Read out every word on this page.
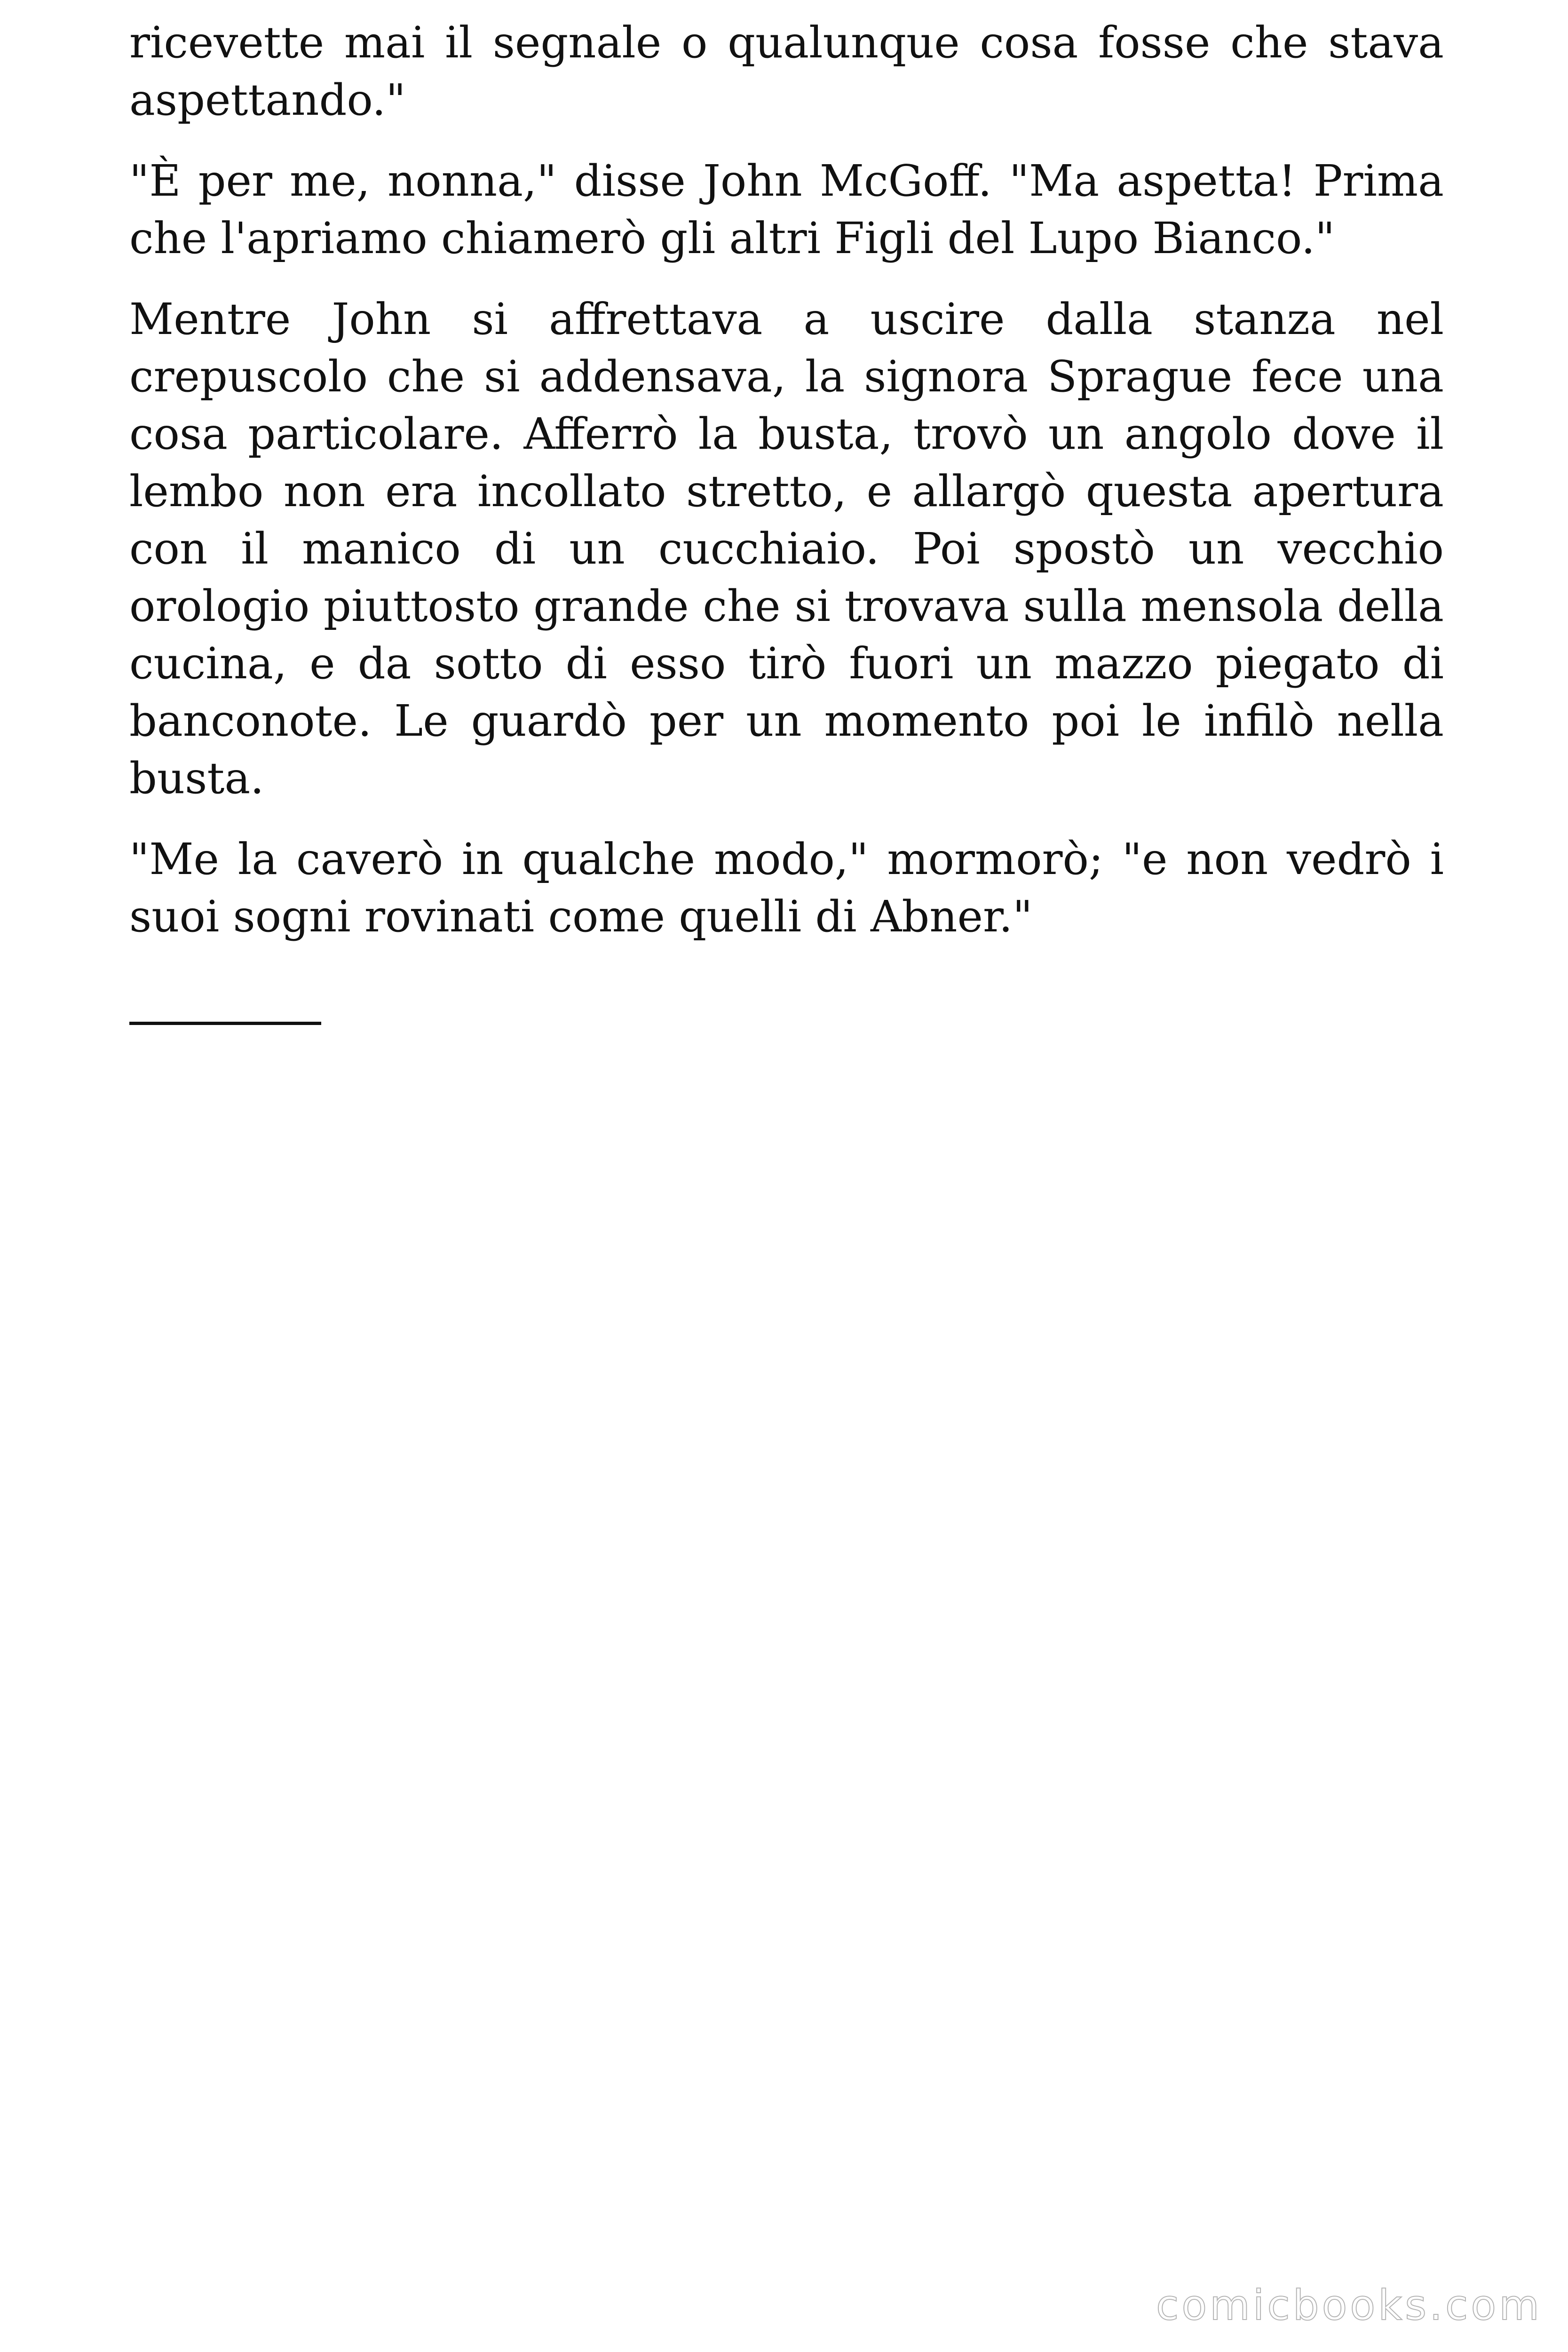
ricevette mai il segnale o qualunque cosa fosse che stava aspettando."

"È per me, nonna," disse John McGoff. "Ma aspetta! Prima che l'apriamo chiamerò gli altri Figli del Lupo Bianco."

Mentre John si affrettava a uscire dalla stanza nel crepuscolo che si addensava, la signora Sprague fece una cosa particolare. Afferrò la busta, trovò un angolo dove il lembo non era incollato stretto, e allargò questa apertura con il manico di un cucchiaio. Poi spostò un vecchio orologio piuttosto grande che si trovava sulla mensola della cucina, e da sotto di esso tirò fuori un mazzo piegato di banconote. Le guardò per un momento poi le infilò nella busta.

"Me la caverò in qualche modo," mormorò; "e non vedrò i suoi sogni rovinati come quelli di Abner."

comicbooks.com
